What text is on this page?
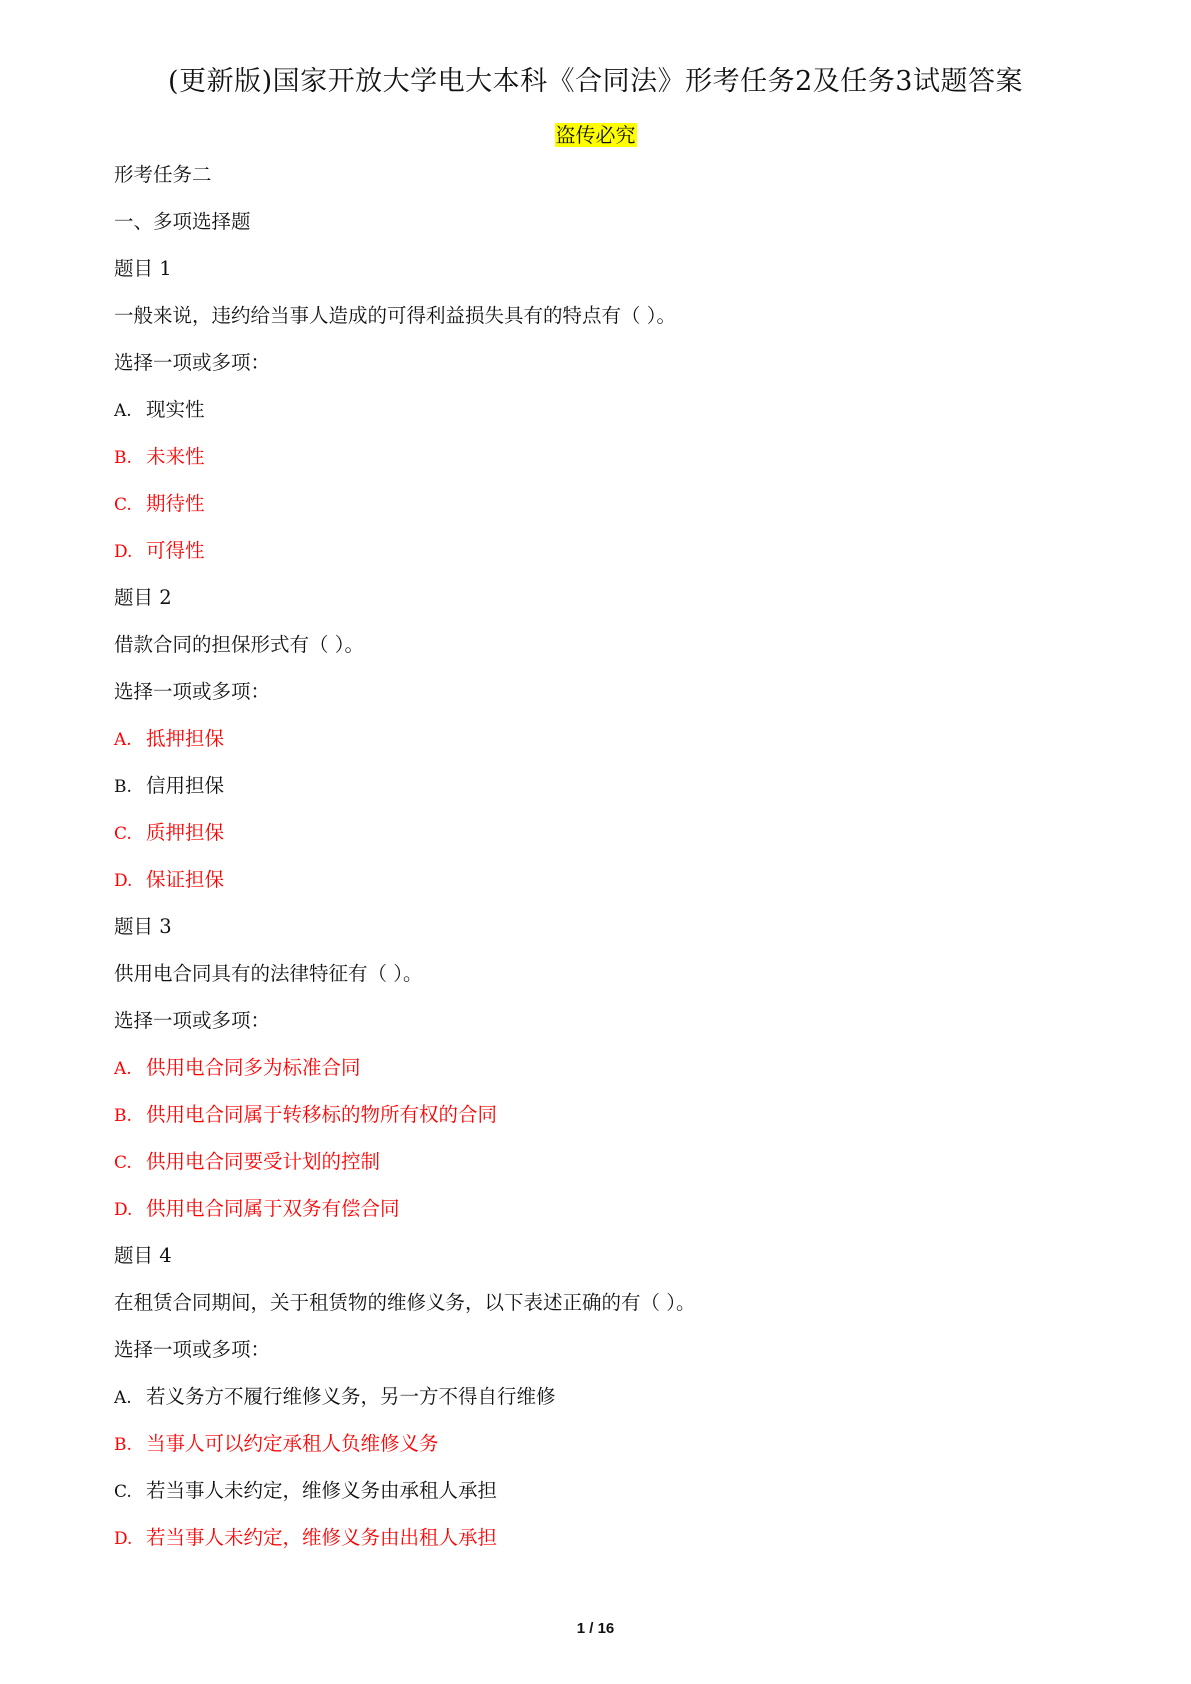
(更新版)国家开放大学电大本科《合同法》形考任务2及任务3试题答案
盗传必究
形考任务二
一、多项选择题
题目 1
一般来说，违约给当事人造成的可得利益损失具有的特点有（ ）。
选择一项或多项：
A. 现实性
B. 未来性
C. 期待性
D. 可得性
题目 2
借款合同的担保形式有（ ）。
选择一项或多项：
A. 抵押担保
B. 信用担保
C. 质押担保
D. 保证担保
题目 3
供用电合同具有的法律特征有（ ）。
选择一项或多项：
A. 供用电合同多为标准合同
B. 供用电合同属于转移标的物所有权的合同
C. 供用电合同要受计划的控制
D. 供用电合同属于双务有偿合同
题目 4
在租赁合同期间，关于租赁物的维修义务，以下表述正确的有（ ）。
选择一项或多项：
A. 若义务方不履行维修义务，另一方不得自行维修
B. 当事人可以约定承租人负维修义务
C. 若当事人未约定，维修义务由承租人承担
D. 若当事人未约定，维修义务由出租人承担
1 / 16
